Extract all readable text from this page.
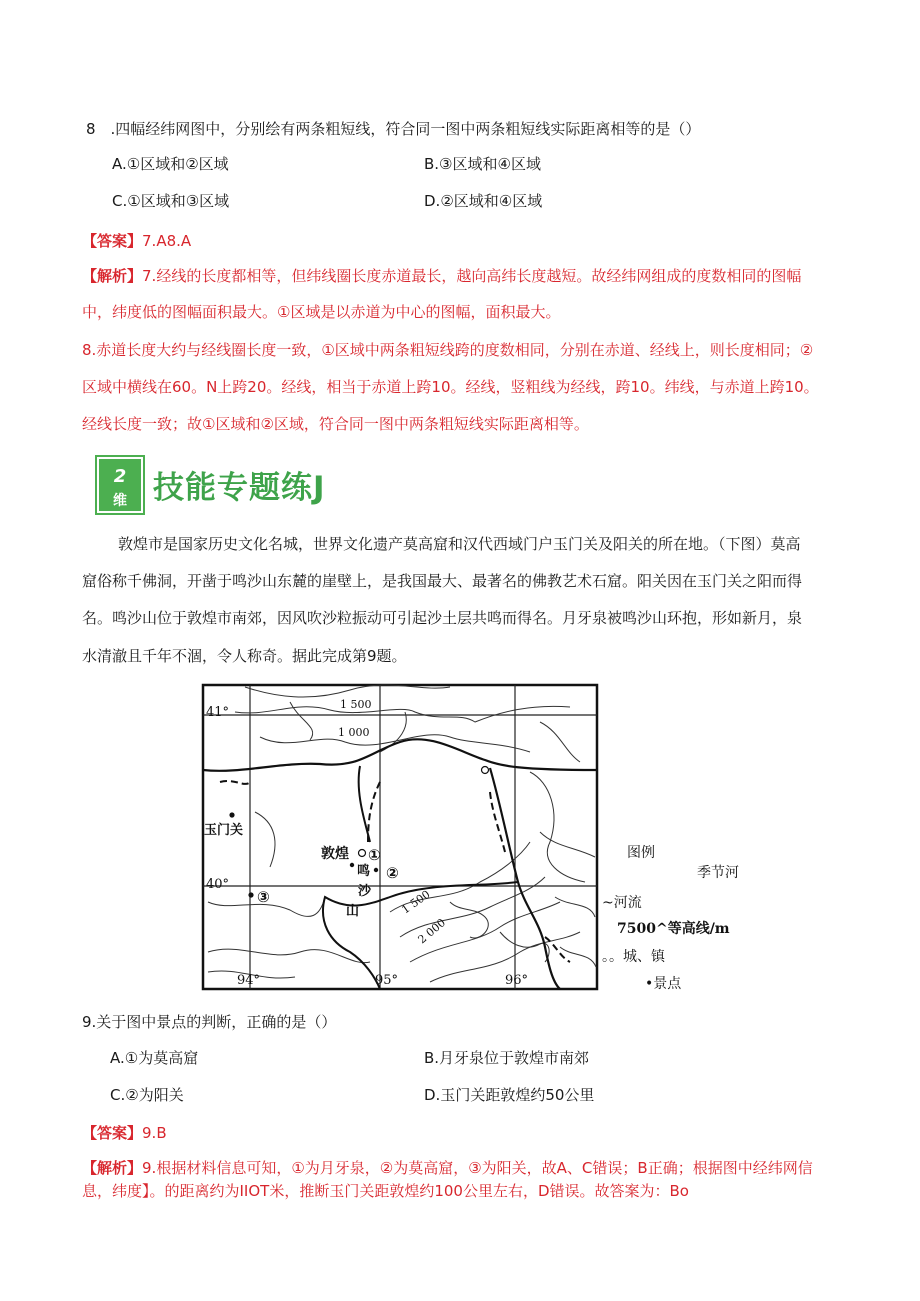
8　.四幅经纬网图中，分别绘有两条粗短线，符合同一图中两条粗短线实际距离相等的是（）
A.①区域和②区域	B.③区域和④区域
C.①区域和③区域	D.②区域和④区域
【答案】7.A8.A
【解析】7.经线的长度都相等，但纬线圈长度赤道最长，越向高纬长度越短。故经纬网组成的度数相同的图幅
中，纬度低的图幅面积最大。①区域是以赤道为中心的图幅，面积最大。
8.赤道长度大约与经线圈长度一致，①区域中两条粗短线跨的度数相同，分别在赤道、经线上，则长度相同；②
区域中横线在60。N上跨20。经线，相当于赤道上跨10。经线，竖粗线为经线，跨10。纬线，与赤道上跨10。
经线长度一致；故①区域和②区域，符合同一图中两条粗短线实际距离相等。
2
维 技能专题练J
敦煌市是国家历史文化名城，世界文化遗产莫高窟和汉代西域门户玉门关及阳关的所在地。（下图）莫高
窟俗称千佛洞，开凿于鸣沙山东麓的崖壁上，是我国最大、最著名的佛教艺术石窟。阳关因在玉门关之阳而得
名。鸣沙山位于敦煌市南郊，因风吹沙粒振动可引起沙土层共鸣而得名。月牙泉被鸣沙山环抱，形如新月，泉
水清澈且千年不涸，令人称奇。据此完成第9题。
41°
40°
94°	95°	96°
1 500
1 000
1 500
2 000
玉门关
敦煌
鸣
沙
山
①
②
③
图例
季节河
~河流
7500^等高线/m
。。城、镇
•景点
9.关于图中景点的判断，正确的是（）
A.①为莫高窟	B.月牙泉位于敦煌市南郊
C.②为阳关	D.玉门关距敦煌约50公里
【答案】9.B
【解析】9.根据材料信息可知，①为月牙泉，②为莫高窟，③为阳关，故A、C错误；B正确；根据图中经纬网信
息，纬度】。的距离约为IIOT米，推断玉门关距敦煌约100公里左右，D错误。故答案为：Bo
